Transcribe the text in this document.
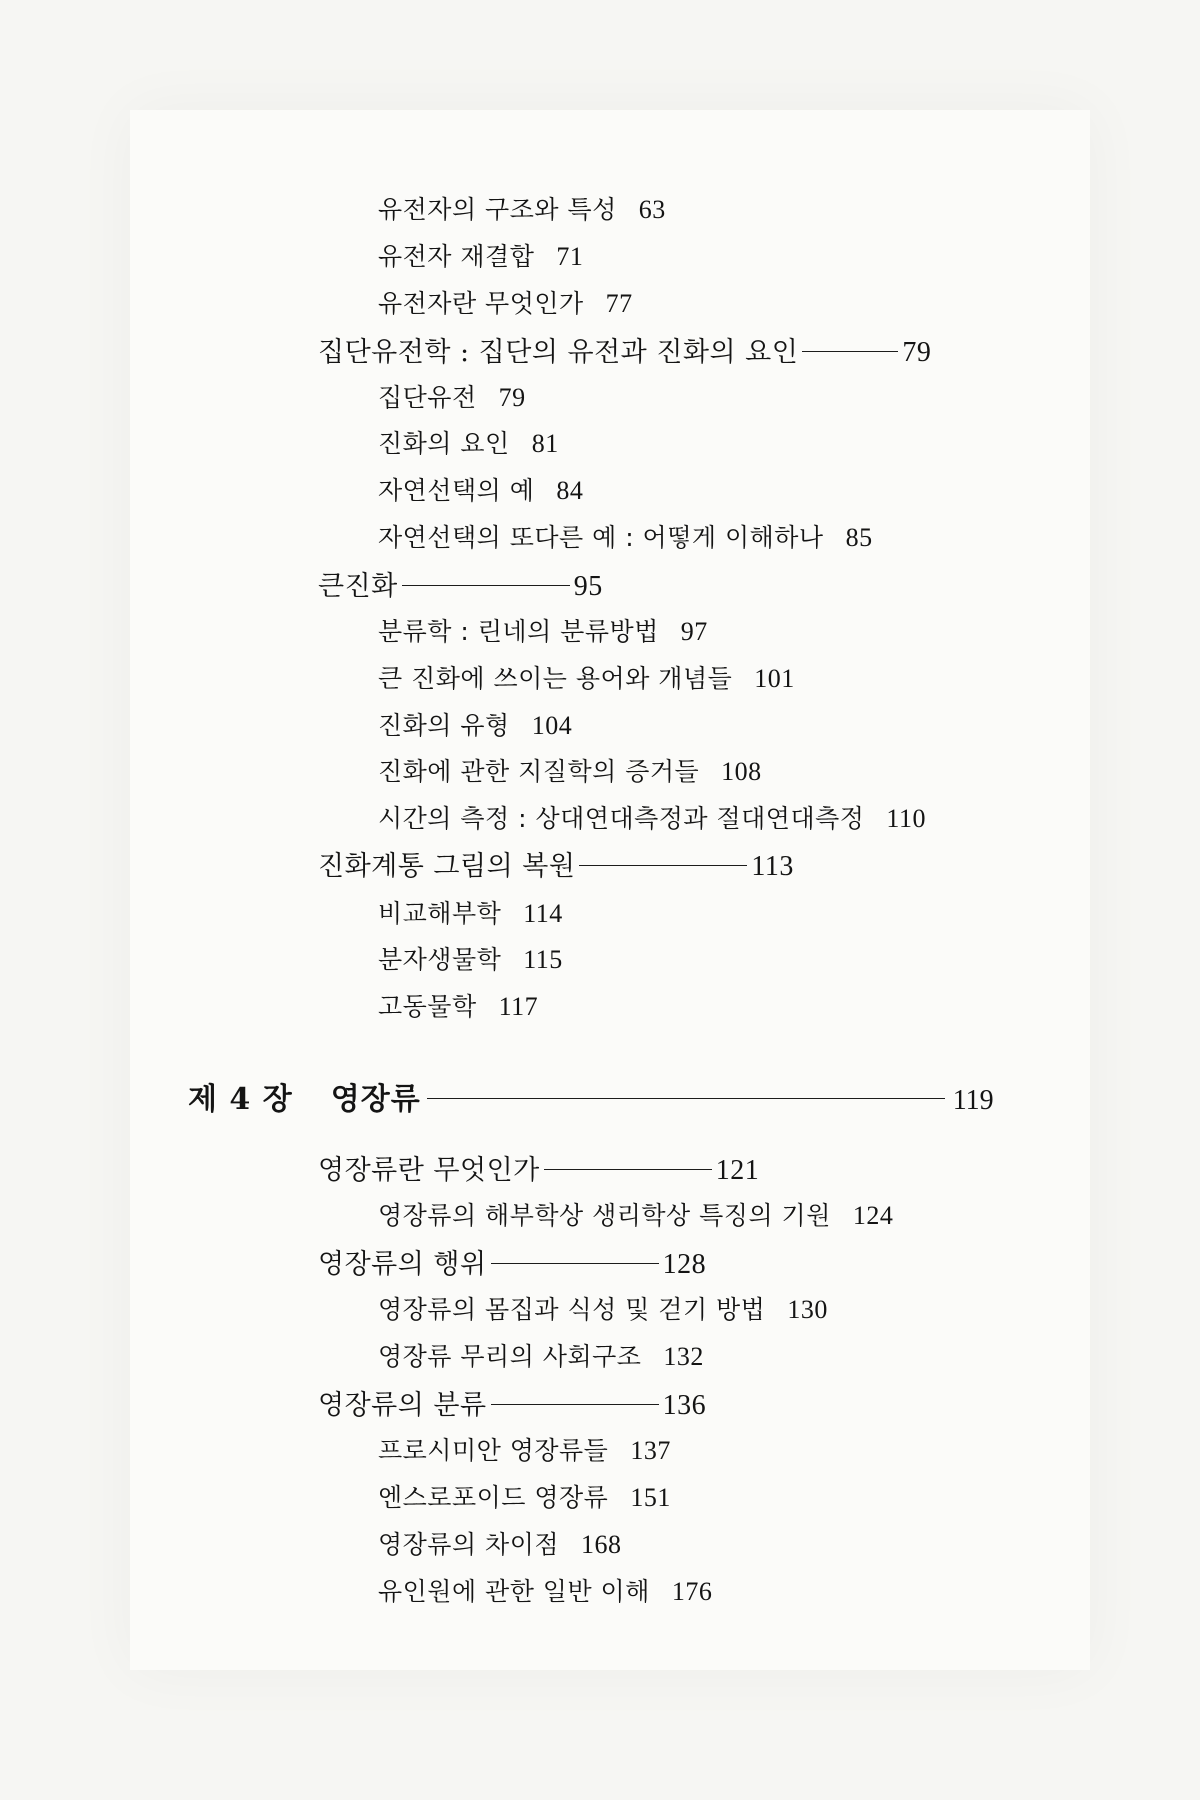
유전자의 구조와 특성 63
유전자 재결합 71
유전자란 무엇인가 77
집단유전학 : 집단의 유전과 진화의 요인	79
집단유전 79
진화의 요인 81
자연선택의 예 84
자연선택의 또다른 예 : 어떻게 이해하나 85
큰진화	95
분류학 : 린네의 분류방법 97
큰 진화에 쓰이는 용어와 개념들 101
진화의 유형 104
진화에 관한 지질학의 증거들 108
시간의 측정 : 상대연대측정과 절대연대측정 110
진화계통 그림의 복원	113
비교해부학 114
분자생물학 115
고동물학 117
제 4 장 영장류	119
영장류란 무엇인가	121
영장류의 해부학상 생리학상 특징의 기원 124
영장류의 행위	128
영장류의 몸집과 식성 및 걷기 방법 130
영장류 무리의 사회구조 132
영장류의 분류	136
프로시미안 영장류들 137
엔스로포이드 영장류 151
영장류의 차이점 168
유인원에 관한 일반 이해 176
